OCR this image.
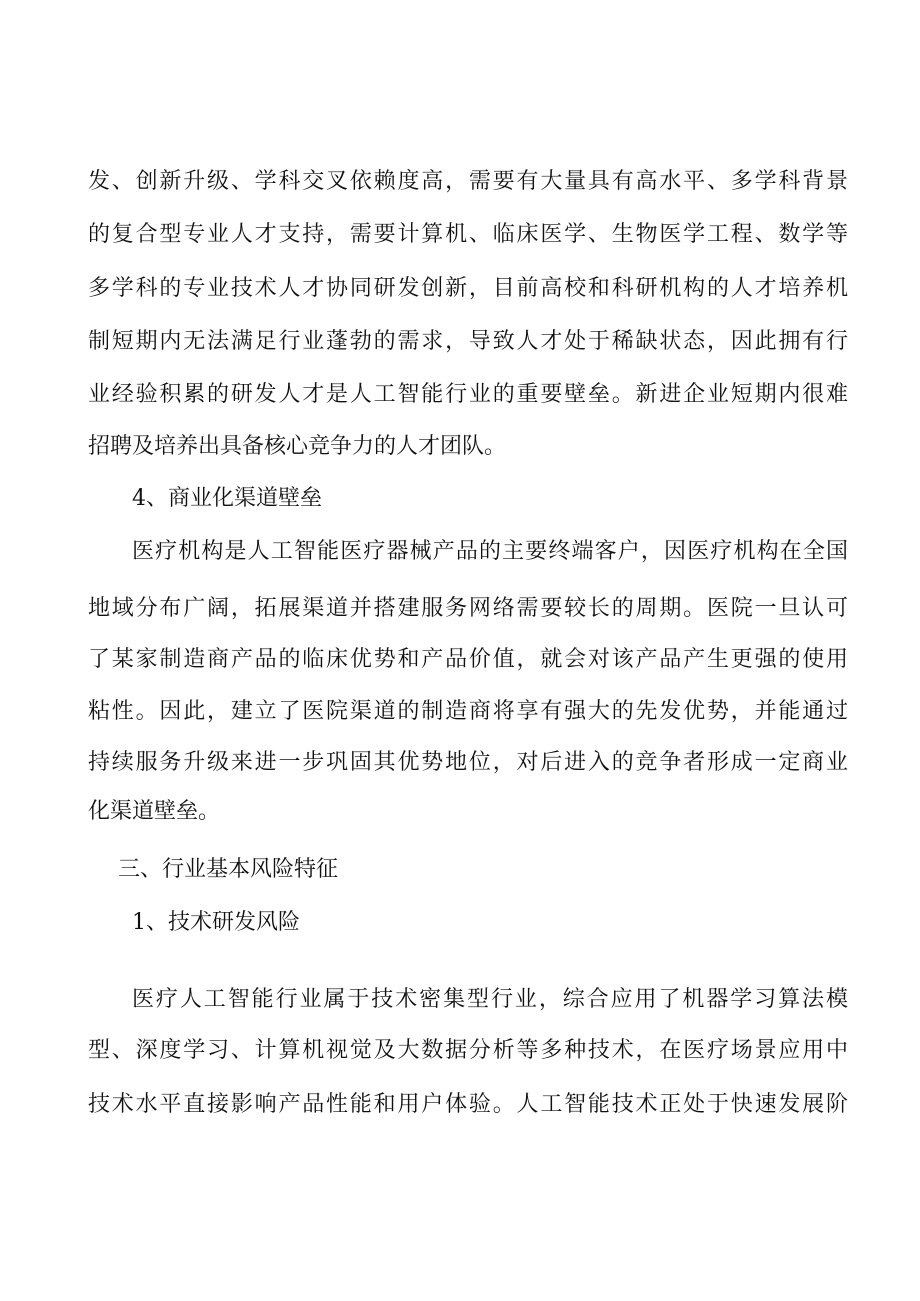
发、创新升级、学科交叉依赖度高，需要有大量具有高水平、多学科背景
的复合型专业人才支持，需要计算机、临床医学、生物医学工程、数学等
多学科的专业技术人才协同研发创新，目前高校和科研机构的人才培养机
制短期内无法满足行业蓬勃的需求，导致人才处于稀缺状态，因此拥有行
业经验积累的研发人才是人工智能行业的重要壁垒。新进企业短期内很难
招聘及培养出具备核心竞争力的人才团队。
4、商业化渠道壁垒
医疗机构是人工智能医疗器械产品的主要终端客户，因医疗机构在全国
地域分布广阔，拓展渠道并搭建服务网络需要较长的周期。医院一旦认可
了某家制造商产品的临床优势和产品价值，就会对该产品产生更强的使用
粘性。因此，建立了医院渠道的制造商将享有强大的先发优势，并能通过
持续服务升级来进一步巩固其优势地位，对后进入的竞争者形成一定商业
化渠道壁垒。
三、行业基本风险特征
1、技术研发风险
医疗人工智能行业属于技术密集型行业，综合应用了机器学习算法模
型、深度学习、计算机视觉及大数据分析等多种技术，在医疗场景应用中
技术水平直接影响产品性能和用户体验。人工智能技术正处于快速发展阶
